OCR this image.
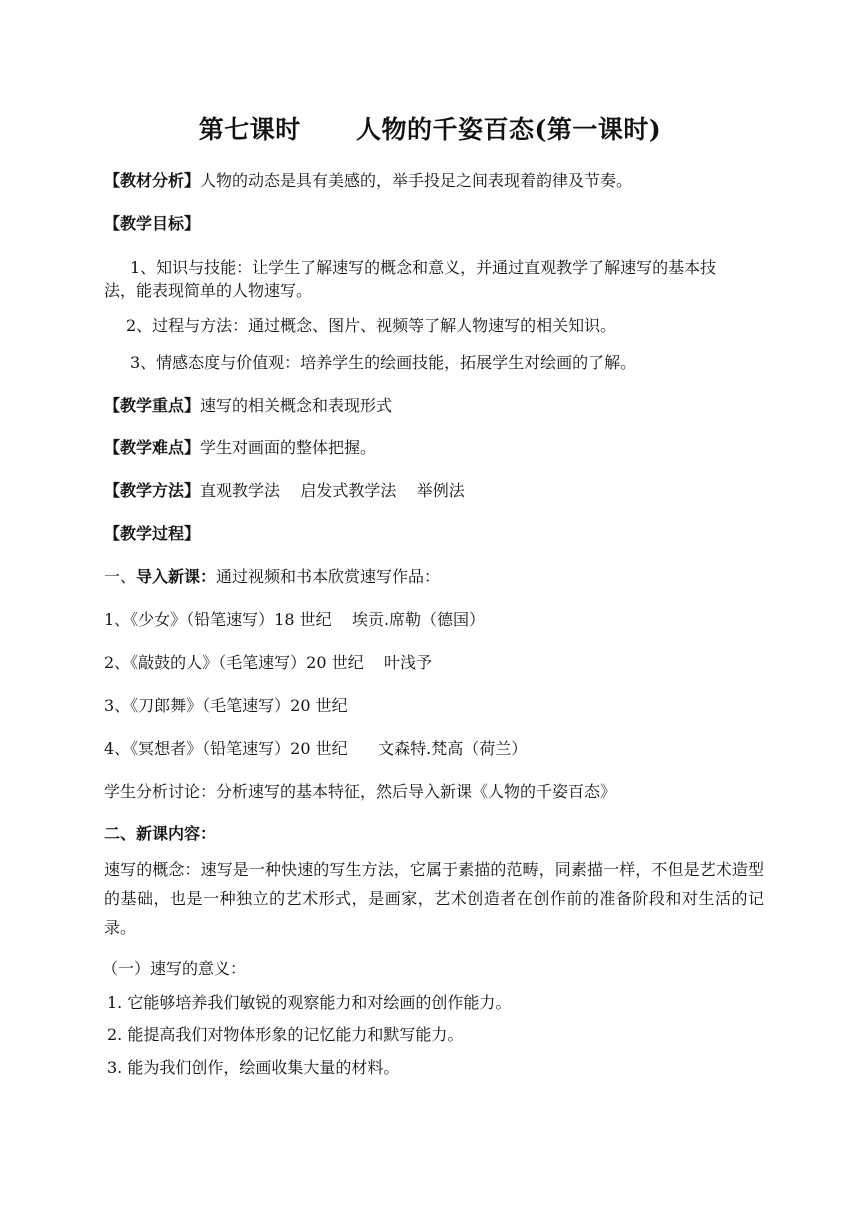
第七课时      人物的千姿百态(第一课时)
【教材分析】人物的动态是具有美感的，举手投足之间表现着韵律及节奏。
【教学目标】
1、知识与技能：让学生了解速写的概念和意义，并通过直观教学了解速写的基本技
法，能表现简单的人物速写。
2、过程与方法：通过概念、图片、视频等了解人物速写的相关知识。
3、情感态度与价值观：培养学生的绘画技能，拓展学生对绘画的了解。
【教学重点】速写的相关概念和表现形式
【教学难点】学生对画面的整体把握。
【教学方法】直观教学法    启发式教学法    举例法
【教学过程】
一、导入新课：通过视频和书本欣赏速写作品：
1、《少女》（铅笔速写）18 世纪    埃贡.席勒（德国）
2、《敲鼓的人》（毛笔速写）20 世纪    叶浅予
3、《刀郎舞》（毛笔速写）20 世纪
4、《冥想者》（铅笔速写）20 世纪      文森特.梵高（荷兰）
学生分析讨论：分析速写的基本特征，然后导入新课《人物的千姿百态》
二、新课内容：
速写的概念：速写是一种快速的写生方法，它属于素描的范畴，同素描一样，不但是艺术造型的基础，也是一种独立的艺术形式，是画家，艺术创造者在创作前的准备阶段和对生活的记录。
（一）速写的意义：
1. 它能够培养我们敏锐的观察能力和对绘画的创作能力。
2. 能提高我们对物体形象的记忆能力和默写能力。
3. 能为我们创作，绘画收集大量的材料。
